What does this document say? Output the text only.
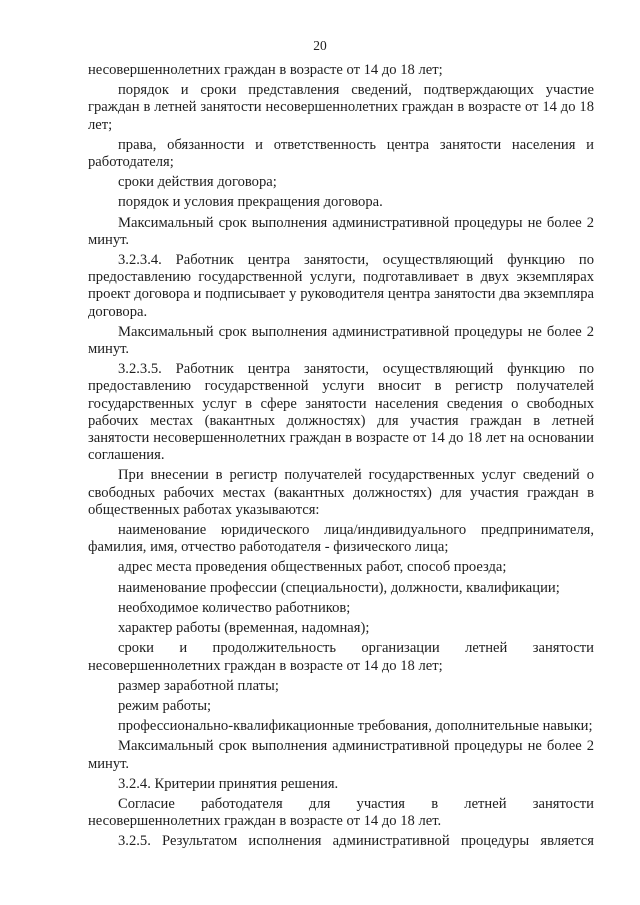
20

несовершеннолетних граждан в возрасте от 14 до 18 лет;

порядок и сроки представления сведений, подтверждающих участие граждан в летней занятости несовершеннолетних граждан в возрасте от 14 до 18 лет;

права, обязанности и ответственность центра занятости населения и работодателя;

сроки действия договора;

порядок и условия прекращения договора.

Максимальный срок выполнения административной процедуры не более 2 минут.

3.2.3.4. Работник центра занятости, осуществляющий функцию по предоставлению государственной услуги, подготавливает в двух экземплярах проект договора и подписывает у руководителя центра занятости два экземпляра договора.

Максимальный срок выполнения административной процедуры не более 2 минут.

3.2.3.5. Работник центра занятости, осуществляющий функцию по предоставлению государственной услуги вносит в регистр получателей государственных услуг в сфере занятости населения сведения о свободных рабочих местах (вакантных должностях) для участия граждан в летней занятости несовершеннолетних граждан в возрасте от 14 до 18 лет на основании соглашения.

При внесении в регистр получателей государственных услуг сведений о свободных рабочих местах (вакантных должностях) для участия граждан в общественных работах указываются:

наименование юридического лица/индивидуального предпринимателя, фамилия, имя, отчество работодателя - физического лица;

адрес места проведения общественных работ, способ проезда;

наименование профессии (специальности), должности, квалификации;

необходимое количество работников;

характер работы (временная, надомная);

сроки и продолжительность организации летней занятости несовершеннолетних граждан в возрасте от 14 до 18 лет;

размер заработной платы;

режим работы;

профессионально-квалификационные требования, дополнительные навыки;

Максимальный срок выполнения административной процедуры не более 2 минут.

3.2.4. Критерии принятия решения.

Согласие работодателя для участия в летней занятости несовершеннолетних граждан в возрасте от 14 до 18 лет.

3.2.5. Результатом исполнения административной процедуры является
